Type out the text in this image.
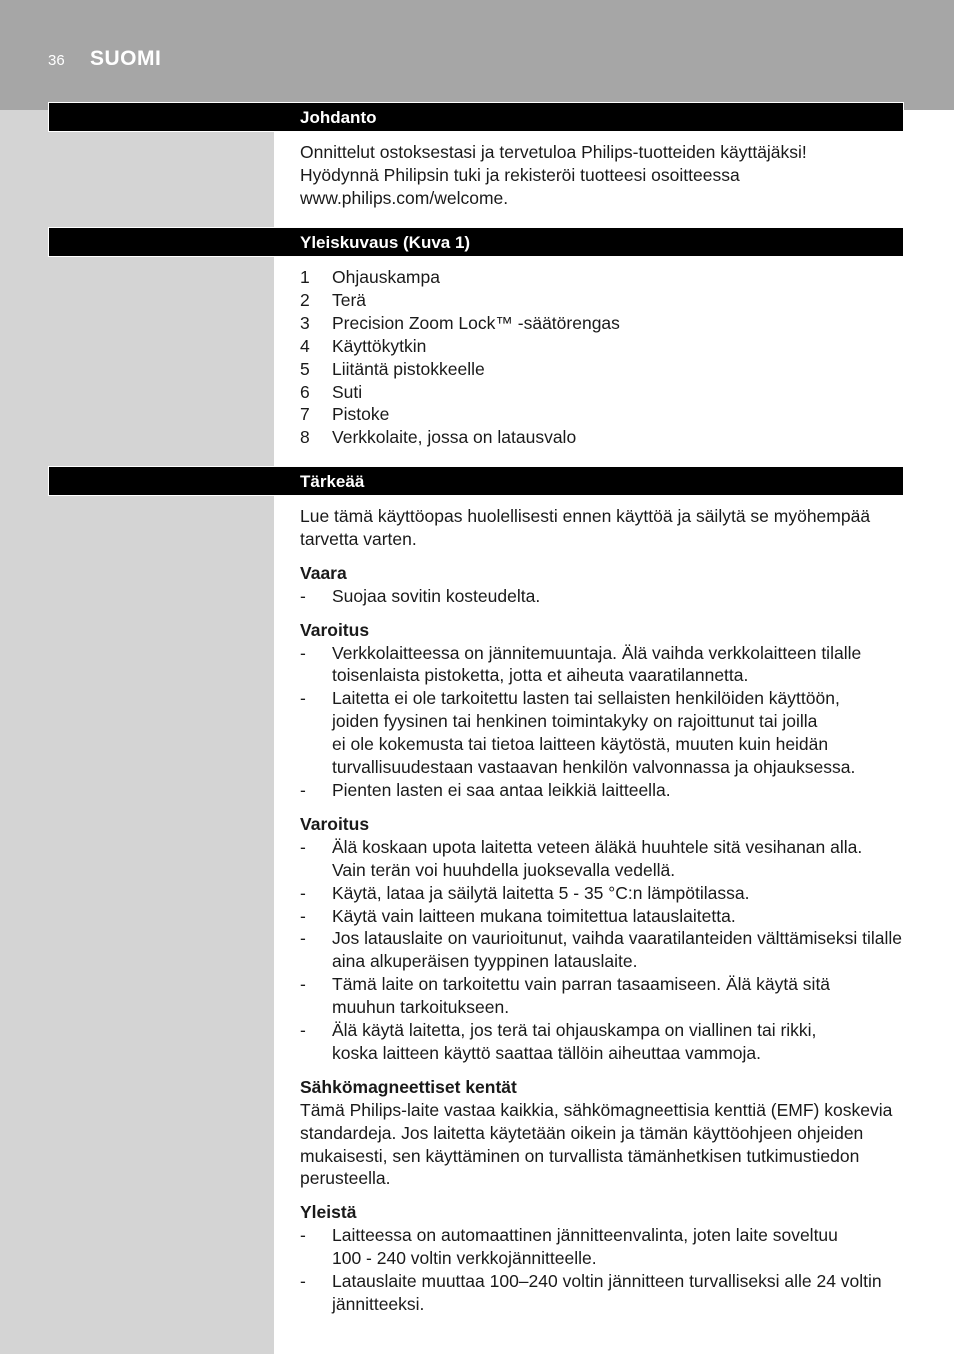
36 SUOMI
Johdanto

Onnittelut ostoksestasi ja tervetuloa Philips-tuotteiden käyttäjäksi!

Hyödynnä Philipsin tuki ja rekisteröi tuotteesi osoitteessa

www.philips.com/welcome.

Yleiskuvaus (Kuva 1)
1	Ohjauskampa
2	Terä
3	Precision Zoom Lock™ -säätörengas
4	Käyttökytkin
5	Liitäntä pistokkeelle
6	Suti
7	Pistoke
8	Verkkolaite, jossa on latausvalo
Tärkeää

Lue tämä käyttöopas huolellisesti ennen käyttöä ja säilytä se myöhempää

tarvetta varten.

Vaara

-	Suojaa sovitin kosteudelta.

Varoitus

-	Verkkolaitteessa on jännitemuuntaja. Älä vaihda verkkolaitteen tilalle
toisenlaista pistoketta, jotta et aiheuta vaaratilannetta.
-	Laitetta ei ole tarkoitettu lasten tai sellaisten henkilöiden käyttöön,
joiden fyysinen tai henkinen toimintakyky on rajoittunut tai joilla
ei ole kokemusta tai tietoa laitteen käytöstä, muuten kuin heidän
turvallisuudestaan vastaavan henkilön valvonnassa ja ohjauksessa.
-	Pienten lasten ei saa antaa leikkiä laitteella.

Varoitus

-	Älä koskaan upota laitetta veteen äläkä huuhtele sitä vesihanan alla.
Vain terän voi huuhdella juoksevalla vedellä.
-	Käytä, lataa ja säilytä laitetta 5 - 35 °C:n lämpötilassa.
-	Käytä vain laitteen mukana toimitettua latauslaitetta.
-	Jos latauslaite on vaurioitunut, vaihda vaaratilanteiden välttämiseksi tilalle
aina alkuperäisen tyyppinen latauslaite.
-	Tämä laite on tarkoitettu vain parran tasaamiseen. Älä käytä sitä
muuhun tarkoitukseen.
-	Älä käytä laitetta, jos terä tai ohjauskampa on viallinen tai rikki,
koska laitteen käyttö saattaa tällöin aiheuttaa vammoja.

Sähkömagneettiset kentät

Tämä Philips-laite vastaa kaikkia, sähkömagneettisia kenttiä (EMF) koskevia

standardeja. Jos laitetta käytetään oikein ja tämän käyttöohjeen ohjeiden

mukaisesti, sen käyttäminen on turvallista tämänhetkisen tutkimustiedon

perusteella.

Yleistä

-	Laitteessa on automaattinen jännitteenvalinta, joten laite soveltuu
100 - 240 voltin verkkojännitteelle.
-	Latauslaite muuttaa 100–240 voltin jännitteen turvalliseksi alle 24 voltin
jännitteeksi.
